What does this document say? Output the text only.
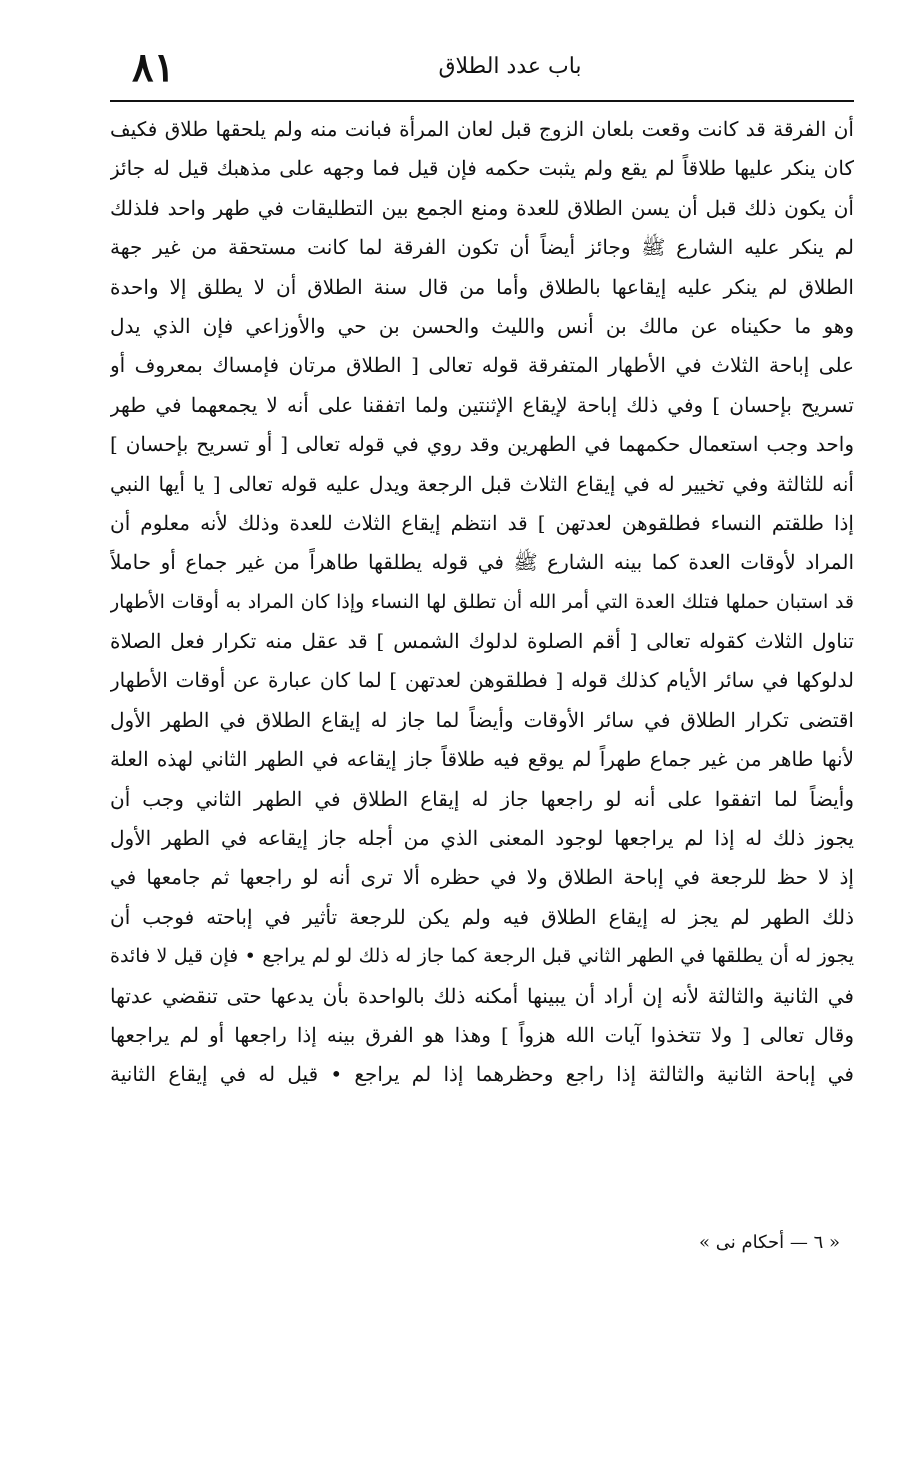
٨١	باب عدد الطلاق
أن الفرقة قد كانت وقعت بلعان الزوج قبل لعان المرأة فبانت منه ولم يلحقها طلاق فكيف
كان ينكر عليها طلاقاً لم يقع ولم يثبت حكمه فإن قيل فما وجهه على مذهبك قيل له جائز
أن يكون ذلك قبل أن يسن الطلاق للعدة ومنع الجمع بين التطليقات في طهر واحد فلذلك
لم ينكر عليه الشارع ﷺ وجائز أيضاً أن تكون الفرقة لما كانت مستحقة من غير جهة
الطلاق لم ينكر عليه إيقاعها بالطلاق وأما من قال سنة الطلاق أن لا يطلق إلا واحدة
وهو ما حكيناه عن مالك بن أنس والليث والحسن بن حي والأوزاعي فإن الذي يدل
على إباحة الثلاث في الأطهار المتفرقة قوله تعالى [ الطلاق مرتان فإمساك بمعروف أو
تسريح بإحسان ] وفي ذلك إباحة لإيقاع الإثنتين ولما اتفقنا على أنه لا يجمعهما في طهر
واحد وجب استعمال حكمهما في الطهرين وقد روي في قوله تعالى [ أو تسريح بإحسان ]
أنه للثالثة وفي تخيير له في إيقاع الثلاث قبل الرجعة ويدل عليه قوله تعالى [ يا أيها النبي
إذا طلقتم النساء فطلقوهن لعدتهن ] قد انتظم إيقاع الثلاث للعدة وذلك لأنه معلوم أن
المراد لأوقات العدة كما بينه الشارع ﷺ في قوله يطلقها طاهراً من غير جماع أو حاملاً
قد استبان حملها فتلك العدة التي أمر الله أن تطلق لها النساء وإذا كان المراد به أوقات الأطهار
تناول الثلاث كقوله تعالى [ أقم الصلوة لدلوك الشمس ] قد عقل منه تكرار فعل الصلاة
لدلوكها في سائر الأيام كذلك قوله [ فطلقوهن لعدتهن ] لما كان عبارة عن أوقات الأطهار
اقتضى تكرار الطلاق في سائر الأوقات وأيضاً لما جاز له إيقاع الطلاق في الطهر الأول
لأنها طاهر من غير جماع طهراً لم يوقع فيه طلاقاً جاز إيقاعه في الطهر الثاني لهذه العلة
وأيضاً لما اتفقوا على أنه لو راجعها جاز له إيقاع الطلاق في الطهر الثاني وجب أن
يجوز ذلك له إذا لم يراجعها لوجود المعنى الذي من أجله جاز إيقاعه في الطهر الأول
إذ لا حظ للرجعة في إباحة الطلاق ولا في حظره ألا ترى أنه لو راجعها ثم جامعها في
ذلك الطهر لم يجز له إيقاع الطلاق فيه ولم يكن للرجعة تأثير في إباحته فوجب أن
يجوز له أن يطلقها في الطهر الثاني قبل الرجعة كما جاز له ذلك لو لم يراجع • فإن قيل لا فائدة
في الثانية والثالثة لأنه إن أراد أن يبينها أمكنه ذلك بالواحدة بأن يدعها حتى تنقضي عدتها
وقال تعالى [ ولا تتخذوا آيات الله هزواً ] وهذا هو الفرق بينه إذا راجعها أو لم يراجعها
في إباحة الثانية والثالثة إذا راجع وحظرهما إذا لم يراجع • قيل له في إيقاع الثانية
« ٦ — أحكام نى »
